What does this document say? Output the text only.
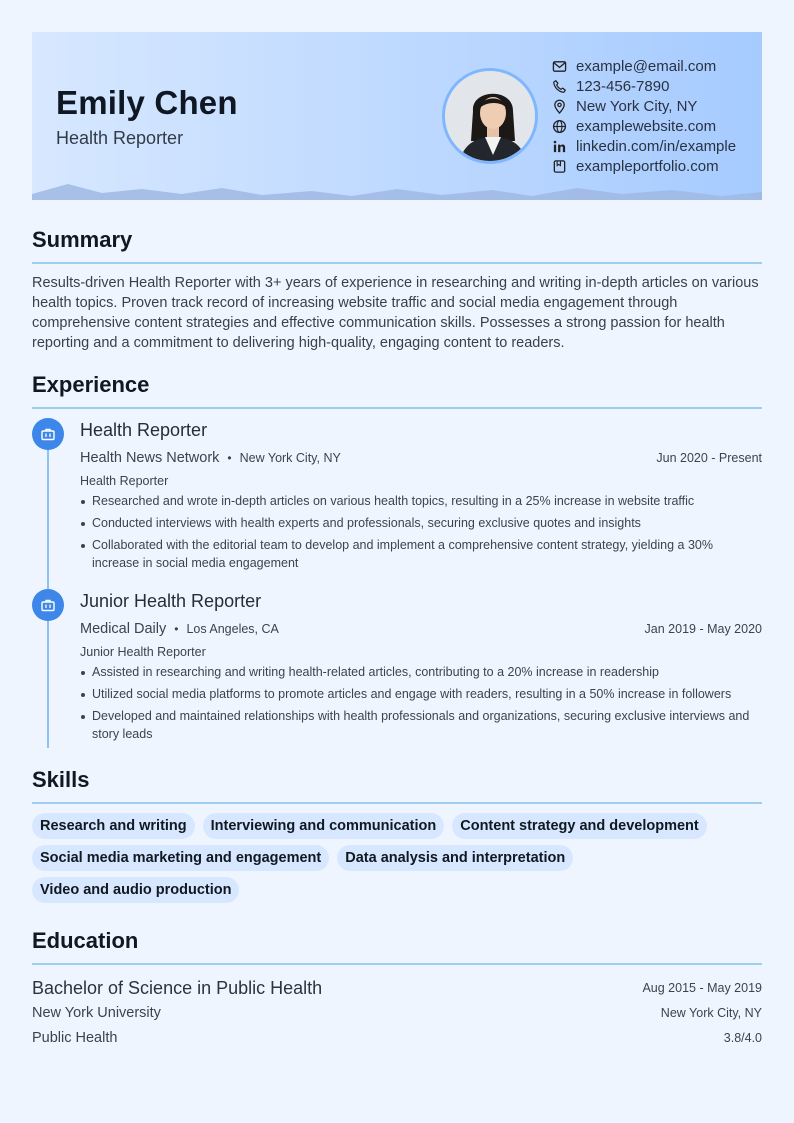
Emily Chen
Health Reporter
example@email.com
123-456-7890
New York City, NY
examplewebsite.com
linkedin.com/in/example
exampleportfolio.com
Summary
Results-driven Health Reporter with 3+ years of experience in researching and writing in-depth articles on various health topics. Proven track record of increasing website traffic and social media engagement through comprehensive content strategies and effective communication skills. Possesses a strong passion for health reporting and a commitment to delivering high-quality, engaging content to readers.
Experience
Health Reporter
Health News Network • New York City, NY	Jun 2020 - Present
Health Reporter
Researched and wrote in-depth articles on various health topics, resulting in a 25% increase in website traffic
Conducted interviews with health experts and professionals, securing exclusive quotes and insights
Collaborated with the editorial team to develop and implement a comprehensive content strategy, yielding a 30% increase in social media engagement
Junior Health Reporter
Medical Daily • Los Angeles, CA	Jan 2019 - May 2020
Junior Health Reporter
Assisted in researching and writing health-related articles, contributing to a 20% increase in readership
Utilized social media platforms to promote articles and engage with readers, resulting in a 50% increase in followers
Developed and maintained relationships with health professionals and organizations, securing exclusive interviews and story leads
Skills
Research and writing	Interviewing and communication	Content strategy and development
Social media marketing and engagement	Data analysis and interpretation
Video and audio production
Education
Bachelor of Science in Public Health	Aug 2015 - May 2019
New York University	New York City, NY
Public Health	3.8/4.0
